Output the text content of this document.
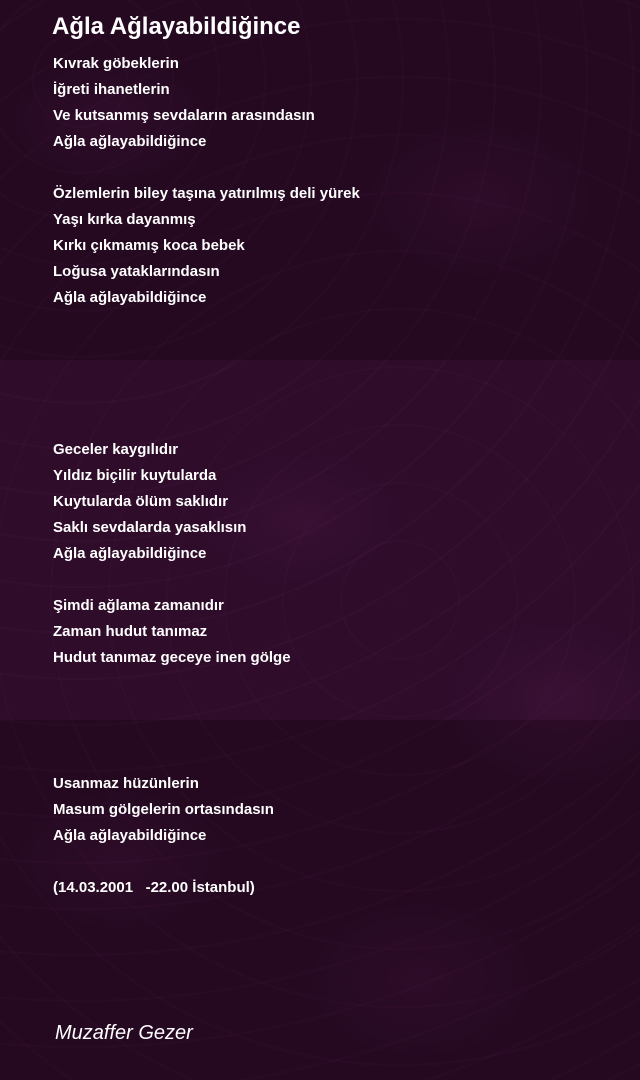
Ağla Ağlayabildiğince
Kıvrak göbeklerin
İğreti ihanetlerin
Ve kutsanmış sevdaların arasındasın
Ağla ağlayabildiğince
Özlemlerin biley taşına yatırılmış deli yürek
Yaşı kırka dayanmış
Kırkı çıkmamış koca bebek
Loğusa yataklarındasın
Ağla ağlayabildiğince
Geceler kaygılıdır
Yıldız biçilir kuytularda
Kuytularda ölüm saklıdır
Saklı sevdalarda yasaklısın
Ağla ağlayabildiğince
Şimdi ağlama zamanıdır
Zaman hudut tanımaz
Hudut tanımaz geceye inen gölge
Usanmaz hüzünlerin
Masum gölgelerin ortasındasın
Ağla ağlayabildiğince
(14.03.2001   -22.00 İstanbul)
Muzaffer Gezer
